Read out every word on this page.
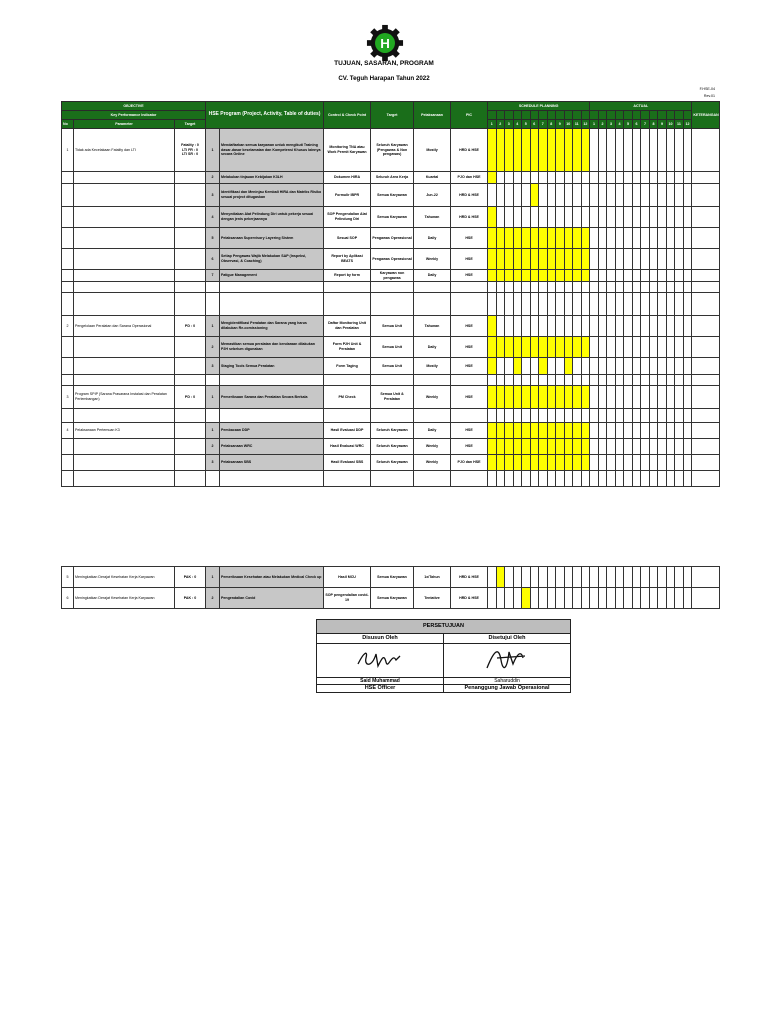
H
TUJUAN, SASARAN, PROGRAM
CV. Teguh Harapan Tahun 2022
F.HSE-04
Rev.01
OBJECTIVE			HSE Program (Project, Activity, Table of duties)		Control & Check Point	Target	Pelaksanaan	PIC	SCHEDULE PLANNING												ACTUAL												KETERANGAN
Key Performance Indicator																																	
No	Parameter	Target							1	2	3	4	5	6	7	8	9	10	11	12	1	2	3	4	5	6	7	8	9	10	11	12	
1	Tidak ada Kecelakaan Fatality dan LTI	Fatality : 0
LTI FR : 0
LTI SR : 0	1	Mendaftarkan semua karyawan untuk mengikuti Training dasar-dasar keselamatan dan Kompetensi Khusus lainnya secara Online	Monitoring TNA atau Work Permit Karyawan	Seluruh Karyawan (Pengawas & Non pengawas)	Mostly	HRD & HSE																									
			2	Melakukan tinjauan Kebijakan K3LH	Dokumen HIRA	Seluruh Area Kerja	Kuartal	PJO dan HSE																									
			3	Identifikasi dan Meninjau Kembali HIRA dan Matriks Risiko sesuai project ditugaskan	Formulir IBPR	Semua Karyawan	Jun-22	HRD & HSE																									
			4	Menyediakan Alat Pelindung Diri untuk pekerja sesuai dengan jenis pekerjaannya	SOP Pengendalian Alat Pelindung Diri	Semua Karyawan	Tahunan	HRD & HSE																									
			5	Pelaksanaan Supervisory Layering Sistem	Sesuai SOP	Pengawas Operasional	Daily	HSE																									
			6	Setiap Pengawas Wajib Melakukan SAP (Inspeksi, Observasi, & Coaching)	Report by Aplikasi BEATS	Pengawas Operasional	Weekly	HSE																									
			7	Fatigue Management	Report by form	Karyawan non pengawas	Daily	HSE																									

2	Pengelolaan Peralatan dan Sarana Operasional	PD : 0	1	Mengidentifikasi Peralatan dan Sarana yang harus dilakukan Re-comissioning	Daftar Monitoring Unit dan Peralatan	Semua Unit	Tahunan	HSE																									
			2	Memastikan semua peralatan dan kendaraan dilakukan P2H sebelum digunakan	Form P2H Unit & Peralatan	Semua Unit	Daily	HSE																									
			3	Staging Tools Semua Peralatan	Form Taging	Semua Unit	Mostly	HSE																									

3	Program SPIP (Sarana Prasarana Instalasi dan Peralatan Perlembangan)	PD : 0	1	Pemeriksaan Sarana dan Peralatan Secara Berkala	PM Check	Semua Unit & Peralatan	Weekly	HSE																									

4	Pelaksanaan Pertemuan K3		1	Pembacaan DDP	Hasil Evaluasi DDP	Seluruh Karyawan	Daily	HSE																									
			2	Pelaksanaan WRC	Hasil Evaluasi WRC	Seluruh Karyawan	Weekly	HSE																									
			3	Pelaksanaan SBS	Hasil Evaluasi SBS	Seluruh Karyawan	Weekly	PJO dan HSE																									

5	Meningkatkan Derajat Kesehatan Kerja Karyawan	PAK : 0	1	Pemeriksaan Kesehatan atau Melakukan Medical Check up	Hasil MCU	Semua Karyawan	1x/Tahun	HRD & HSE																									
6	Meningkatkan Derajat Kesehatan Kerja Karyawan	PAK : 0	2	Pengendalian Covid	SOP pengendalian covid-19	Semua Karyawan	Tentative	HRD & HSE																									
PERSETUJUAN	
Disusun Oleh	Disetujui Oleh

Said Muhammad	Saharuddin
HSE Officer	Penanggung Jawab Operasional
